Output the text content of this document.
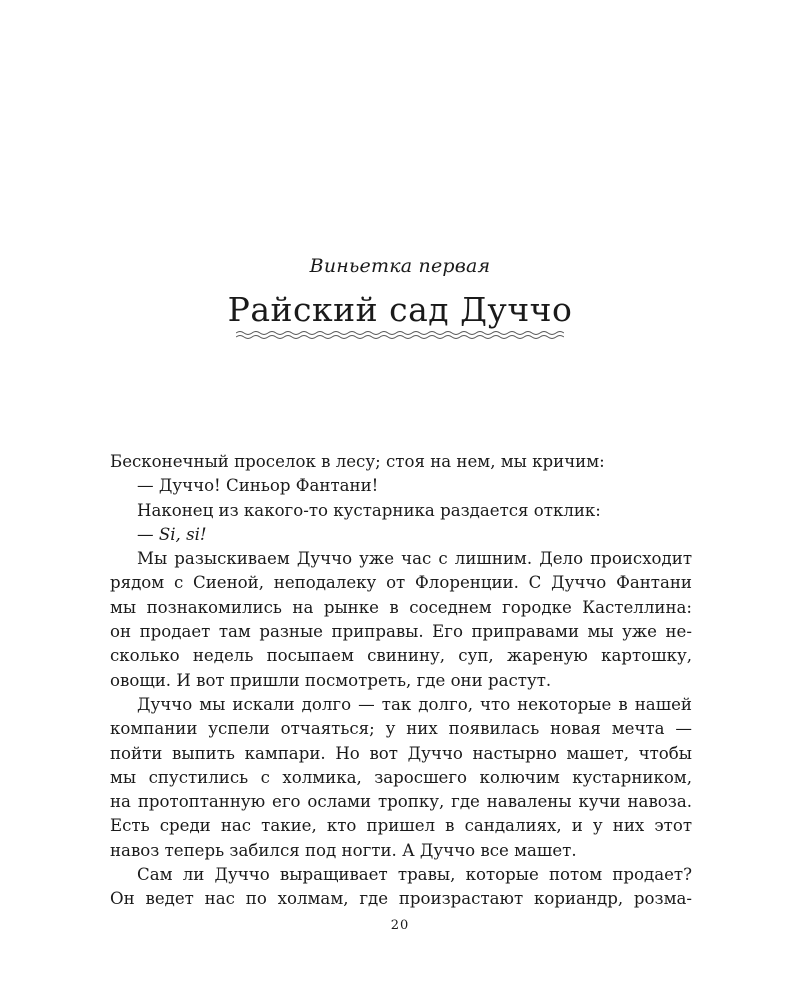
Виньетка первая
Райский сад Дуччо
Бесконечный проселок в лесу; стоя на нем, мы кричим:
— Дуччо! Синьор Фантани!
Наконец из какого-то кустарника раздается отклик:
— Si, si!
Мы разыскиваем Дуччо уже час с лишним. Дело происходит
рядом с Сиеной, неподалеку от Флоренции. С Дуччо Фантани
мы познакомились на рынке в соседнем городке Кастеллина:
он продает там разные приправы. Его приправами мы уже не-
сколько недель посыпаем свинину, суп, жареную картошку,
овощи. И вот пришли посмотреть, где они растут.
Дуччо мы искали долго — так долго, что некоторые в нашей
компании успели отчаяться; у них появилась новая мечта —
пойти выпить кампари. Но вот Дуччо настырно машет, чтобы
мы спустились с холмика, заросшего колючим кустарником,
на протоптанную его ослами тропку, где навалены кучи навоза.
Есть среди нас такие, кто пришел в сандалиях, и у них этот
навоз теперь забился под ногти. А Дуччо все машет.
Сам ли Дуччо выращивает травы, которые потом продает?
Он ведет нас по холмам, где произрастают кориандр, розма-
20
